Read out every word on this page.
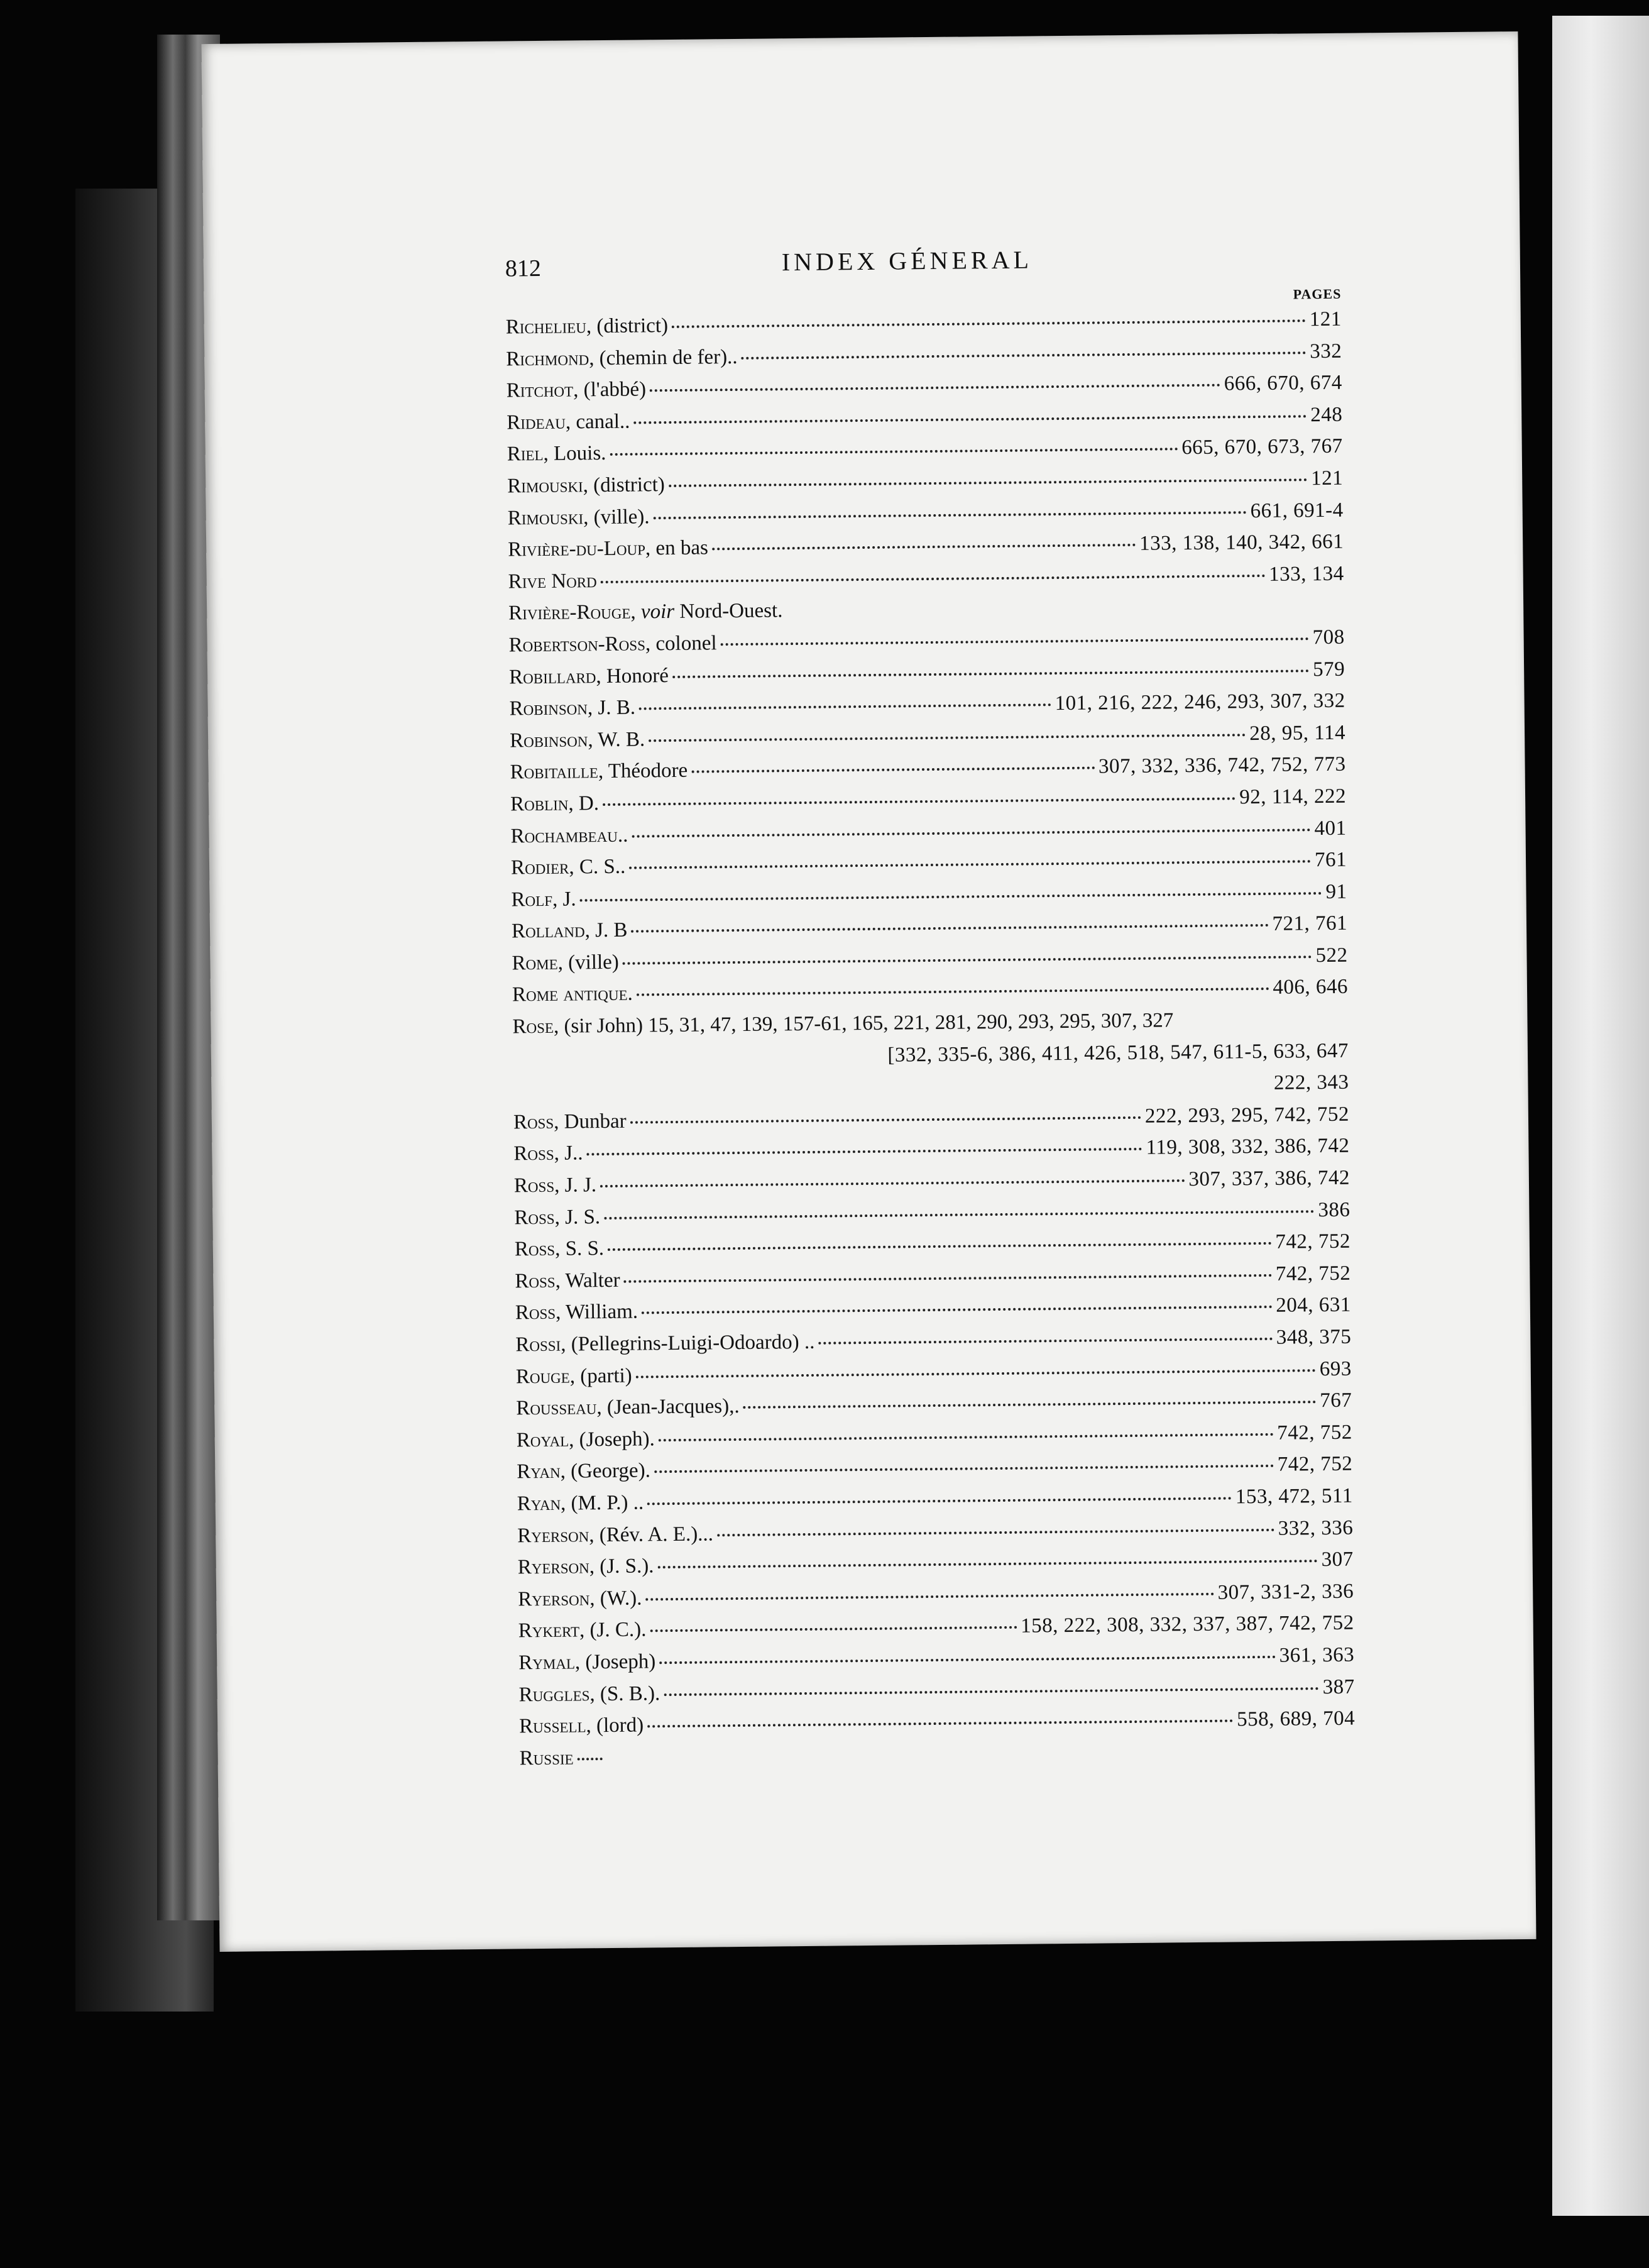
812	INDEX GÉNERAL
PAGES
Richelieu, (district)	121
Richmond, (chemin de fer)..	332
Ritchot, (l'abbé)	666, 670, 674
Rideau, canal..	248
Riel, Louis.	665, 670, 673, 767
Rimouski, (district)	121
Rimouski, (ville).	661, 691-4
Rivière-du-Loup, en bas	133, 138, 140, 342, 661
Rive Nord	133, 134
Rivière-Rouge, voir Nord-Ouest.
Robertson-Ross, colonel	708
Robillard, Honoré	579
Robinson, J. B.	101, 216, 222, 246, 293, 307, 332
Robinson, W. B.	28, 95, 114
Robitaille, Théodore	307, 332, 336, 742, 752, 773
Roblin, D.	92, 114, 222
Rochambeau..	401
Rodier, C. S..	761
Rolf, J.	91
Rolland, J. B	721, 761
Rome, (ville)	522
Rome antique.	406, 646
Rose, (sir John) 15, 31, 47, 139, 157-61, 165, 221, 281, 290, 293, 295, 307, 327
[332, 335-6, 386, 411, 426, 518, 547, 611-5, 633, 647
222, 343
Ross, Dunbar	222, 293, 295, 742, 752
Ross, J..	119, 308, 332, 386, 742
Ross, J. J.	307, 337, 386, 742
Ross, J. S.	386
Ross, S. S.	742, 752
Ross, Walter	742, 752
Ross, William.	204, 631
Rossi, (Pellegrins-Luigi-Odoardo) ..	348, 375
Rouge, (parti)	693
Rousseau, (Jean-Jacques),.	767
Royal, (Joseph).	742, 752
Ryan, (George).	742, 752
Ryan, (M. P.) ..	153, 472, 511
Ryerson, (Rév. A. E.)...	332, 336
Ryerson, (J. S.).	307
Ryerson, (W.).	307, 331-2, 336
Rykert, (J. C.).	158, 222, 308, 332, 337, 387, 742, 752
Rymal, (Joseph)	361, 363
Ruggles, (S. B.).	387
Russell, (lord)	558, 689, 704
Russie
